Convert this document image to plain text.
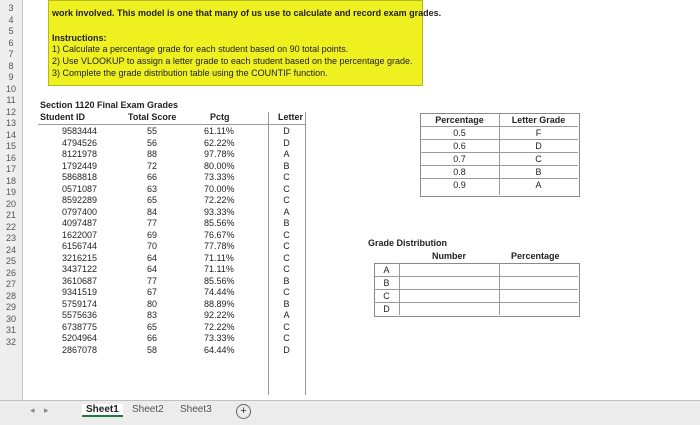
3
4
5
6
7
8
9
10
11
12
13
14
15
16
17
18
19
20
21
22
23
24
25
26
27
28
29
30
31
32
work involved. This model is one that many of us use to calculate and record exam grades.
Instructions:
1) Calculate a percentage grade for each student based on 90 total points.
2) Use VLOOKUP to assign a letter grade to each student based on the percentage grade.
3) Complete the grade distribution table using the COUNTIF function.
Section 1120 Final Exam Grades
Student ID	Total Score	Pctg	Letter
9583444	55	61.11%	D
4794526	56	62.22%	D
8121978	88	97.78%	A
1792449	72	80.00%	B
5868818	66	73.33%	C
0571087	63	70.00%	C
8592289	65	72.22%	C
0797400	84	93.33%	A
4097487	77	85.56%	B
1622007	69	76.67%	C
6156744	70	77.78%	C
3216215	64	71.11%	C
3437122	64	71.11%	C
3610687	77	85.56%	B
9341519	67	74.44%	C
5759174	80	88.89%	B
5575636	83	92.22%	A
6738775	65	72.22%	C
5204964	66	73.33%	C
2867078	58	64.44%	D
Percentage	Letter Grade
0.5	F
0.6	D
0.7	C
0.8	B
0.9	A
Grade Distribution
Number	Percentage
A
B
C
D
◂ ▸	Sheet1	Sheet2	Sheet3	+
